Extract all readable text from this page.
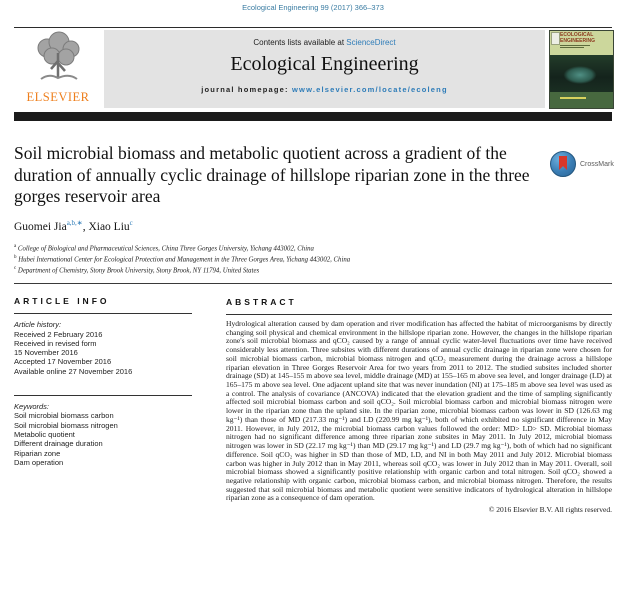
Ecological Engineering 99 (2017) 366–373
ELSEVIER
Contents lists available at ScienceDirect
Ecological Engineering
journal homepage: www.elsevier.com/locate/ecoleng
ECOLOGICAL ENGINEERING
Soil microbial biomass and metabolic quotient across a gradient of the duration of annually cyclic drainage of hillslope riparian zone in the three gorges reservoir area
CrossMark
Guomei Jia$^{a,b,∗}$, Xiao Liu$^c$
$^a$ College of Biological and Pharmaceutical Sciences, China Three Gorges University, Yichang 443002, China
$^b$ Hubei International Center for Ecological Protection and Management in the Three Gorges Area, Yichang 443002, China
$^c$ Department of Chemistry, Stony Brook University, Stony Brook, NY 11794, United States
ARTICLE INFO
Article history:
Received 2 February 2016
Received in revised form
15 November 2016
Accepted 17 November 2016
Available online 27 November 2016
Keywords:
Soil microbial biomass carbon
Soil microbial biomass nitrogen
Metabolic quotient
Different drainage duration
Riparian zone
Dam operation
ABSTRACT
Hydrological alteration caused by dam operation and river modification has affected the habitat of microorganisms by directly changing soil physical and chemical environment in the hillslope riparian zone. However, the changes in the hillslope riparian zone's soil microbial biomass and qCO₂ caused by a range of annual cyclic water-level fluctuations over time have received considerably less attention. Three subsites with different durations of annual cyclic drainage in riparian zone were chosen for soil microbial biomass carbon, microbial biomass nitrogen and qCO₂ measurement during the drainage across a hillslope riparian elevation in Three Gorges Reservoir Area for two years from 2011 to 2012. The studied subsites included shorter drainage (SD) at 145–155 m above sea level, middle drainage (MD) at 155–165 m above sea level, and longer drainage (LD) at 165–175 m above sea level. One adjacent upland site that was never inundation (NI) at 175–185 m above sea level was used as a control. The analysis of covariance (ANCOVA) indicated that the elevation gradient and the time of sampling significantly affected soil microbial biomass carbon and soil qCO₂. Soil microbial biomass carbon and microbial biomass nitrogen were lower in the riparian zone than the upland site. In the riparian zone, microbial biomass carbon was lower in SD (126.63 mg kg⁻¹) than those of MD (217.33 mg⁻¹) and LD (220.99 mg kg⁻¹), both of which exhibited no significant difference in May 2011. However, in July 2012, the microbial biomass carbon values followed the order: MD> LD> SD. Microbial biomass nitrogen had no significant difference among three riparian zone subsites in May 2011. In July 2012, microbial biomass nitrogen was lower in SD (22.17 mg kg⁻¹) than MD (29.17 mg kg⁻¹) and LD (29.7 mg kg⁻¹), both of which had no significant difference. Soil qCO₂ was higher in SD than those of MD, LD, and NI in both May 2011 and July 2012. Microbial biomass carbon was higher in July 2012 than in May 2011, whereas soil qCO₂ was lower in July 2012 than in May 2011. Overall, soil microbial biomass showed a significantly positive relationship with organic carbon and total nitrogen. Soil qCO₂ showed a negative relationship with organic carbon, microbial biomass carbon, and microbial biomass nitrogen. Therefore, the results suggested that soil microbial biomass and metabolic quotient were sensitive indicators of hydrological alteration in hillslope riparian zone as a consequence of dam operation.
© 2016 Elsevier B.V. All rights reserved.
